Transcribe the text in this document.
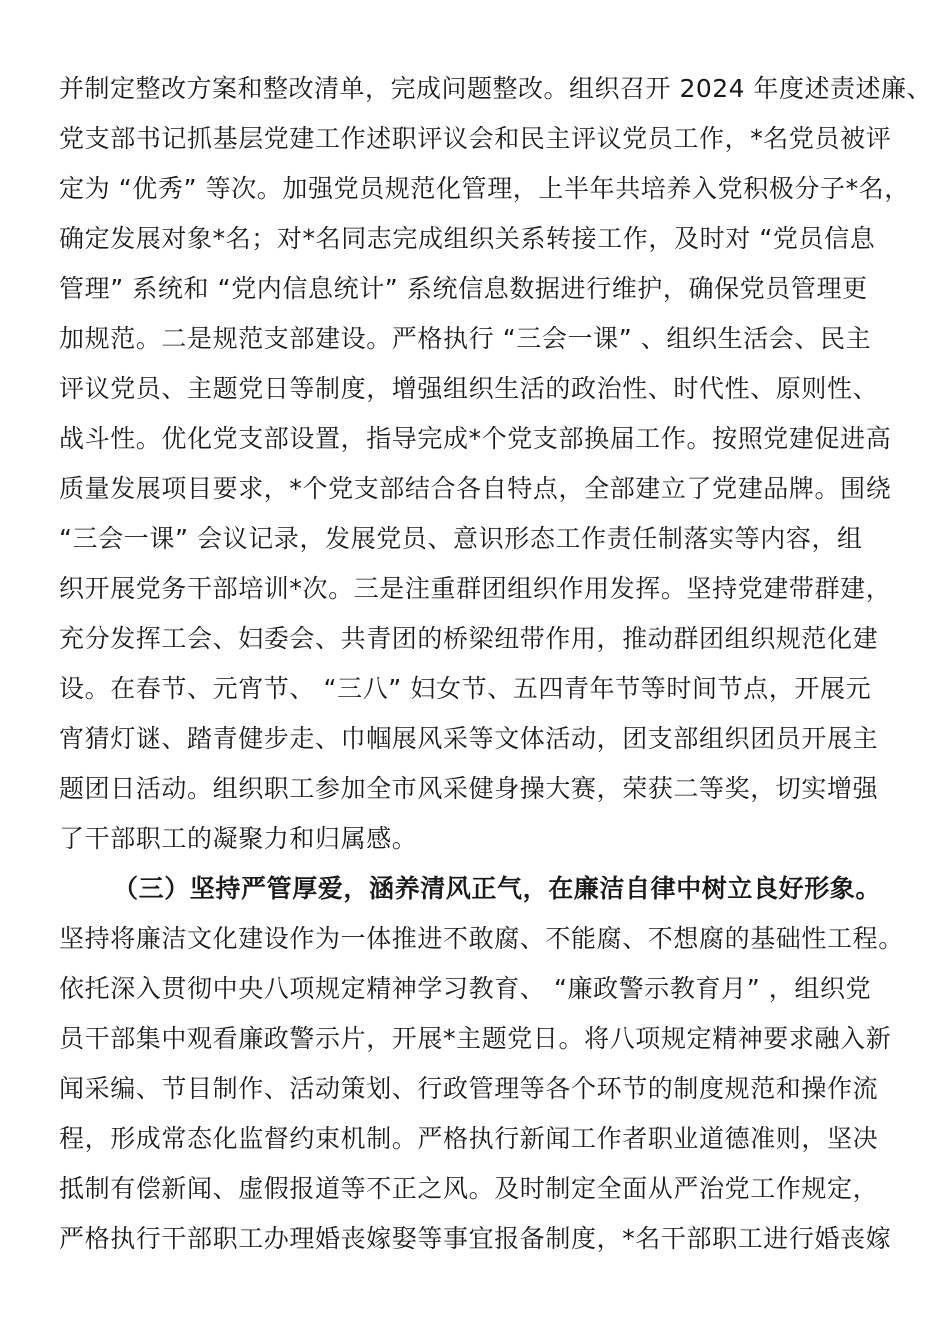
并制定整改方案和整改清单，完成问题整改。组织召开 2024 年度述责述廉、
党支部书记抓基层党建工作述职评议会和民主评议党员工作，*名党员被评
定为 “优秀” 等次。加强党员规范化管理，上半年共培养入党积极分子*名，
确定发展对象*名；对*名同志完成组织关系转接工作，及时对 “党员信息
管理” 系统和 “党内信息统计” 系统信息数据进行维护，确保党员管理更
加规范。二是规范支部建设。严格执行 “三会一课” 、组织生活会、民主
评议党员、主题党日等制度，增强组织生活的政治性、时代性、原则性、
战斗性。优化党支部设置，指导完成*个党支部换届工作。按照党建促进高
质量发展项目要求，*个党支部结合各自特点，全部建立了党建品牌。围绕
“三会一课” 会议记录，发展党员、意识形态工作责任制落实等内容，组
织开展党务干部培训*次。三是注重群团组织作用发挥。坚持党建带群建，
充分发挥工会、妇委会、共青团的桥梁纽带作用，推动群团组织规范化建
设。在春节、元宵节、 “三八” 妇女节、五四青年节等时间节点，开展元
宵猜灯谜、踏青健步走、巾帼展风采等文体活动，团支部组织团员开展主
题团日活动。组织职工参加全市风采健身操大赛，荣获二等奖，切实增强
了干部职工的凝聚力和归属感。
（三）坚持严管厚爱，涵养清风正气，在廉洁自律中树立良好形象。
坚持将廉洁文化建设作为一体推进不敢腐、不能腐、不想腐的基础性工程。
依托深入贯彻中央八项规定精神学习教育、 “廉政警示教育月” ，组织党
员干部集中观看廉政警示片，开展*主题党日。将八项规定精神要求融入新
闻采编、节目制作、活动策划、行政管理等各个环节的制度规范和操作流
程，形成常态化监督约束机制。严格执行新闻工作者职业道德准则，坚决
抵制有偿新闻、虚假报道等不正之风。及时制定全面从严治党工作规定，
严格执行干部职工办理婚丧嫁娶等事宜报备制度，*名干部职工进行婚丧嫁
